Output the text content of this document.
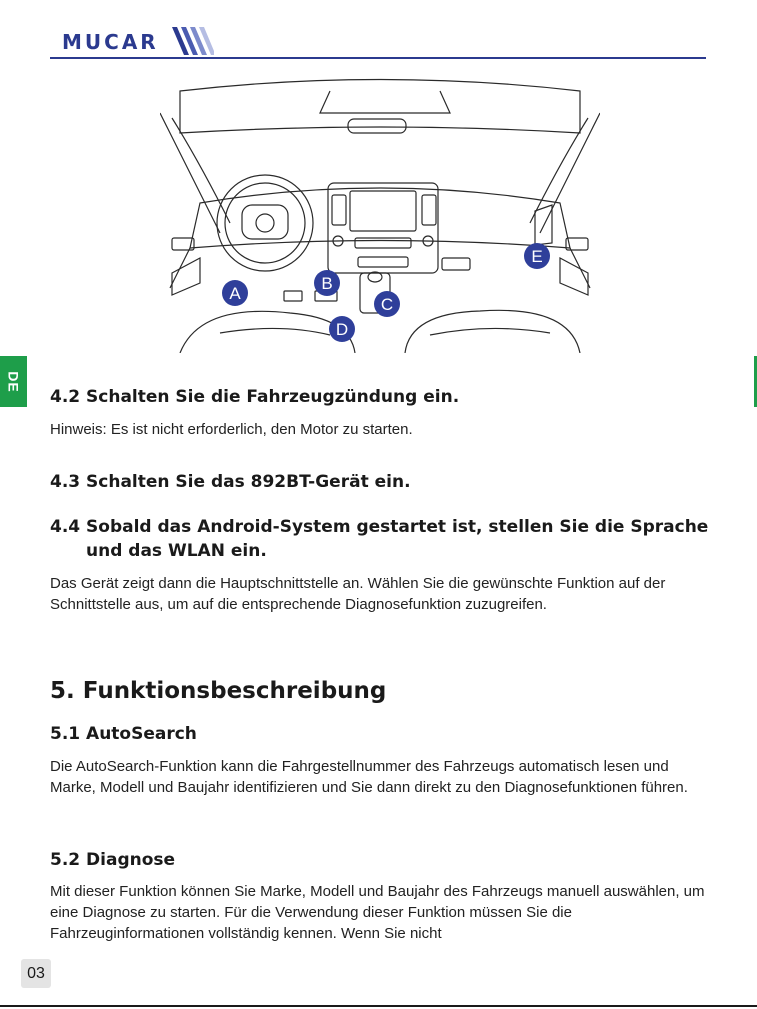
MUCAR
A
B
C
D
E
DE
4.2 Schalten Sie die Fahrzeugzündung ein.

Hinweis: Es ist nicht erforderlich, den Motor zu starten.

4.3 Schalten Sie das 892BT-Gerät ein.
4.4 Sobald das Android-System gestartet ist, stellen Sie die Sprache
und das WLAN ein.

Das Gerät zeigt dann die Hauptschnittstelle an. Wählen Sie die gewünschte Funktion auf der Schnittstelle aus, um auf die entsprechende Diagnosefunktion zuzugreifen.

5. Funktionsbeschreibung
5.1 AutoSearch

Die AutoSearch-Funktion kann die Fahrgestellnummer des Fahrzeugs automatisch lesen und Marke, Modell und Baujahr identifizieren und Sie dann direkt zu den Diagnosefunktionen führen.

5.2 Diagnose

Mit dieser Funktion können Sie Marke, Modell und Baujahr des Fahrzeugs manuell auswählen, um eine Diagnose zu starten. Für die Verwendung dieser Funktion müssen Sie die Fahrzeuginformationen vollständig kennen. Wenn Sie nicht

03
